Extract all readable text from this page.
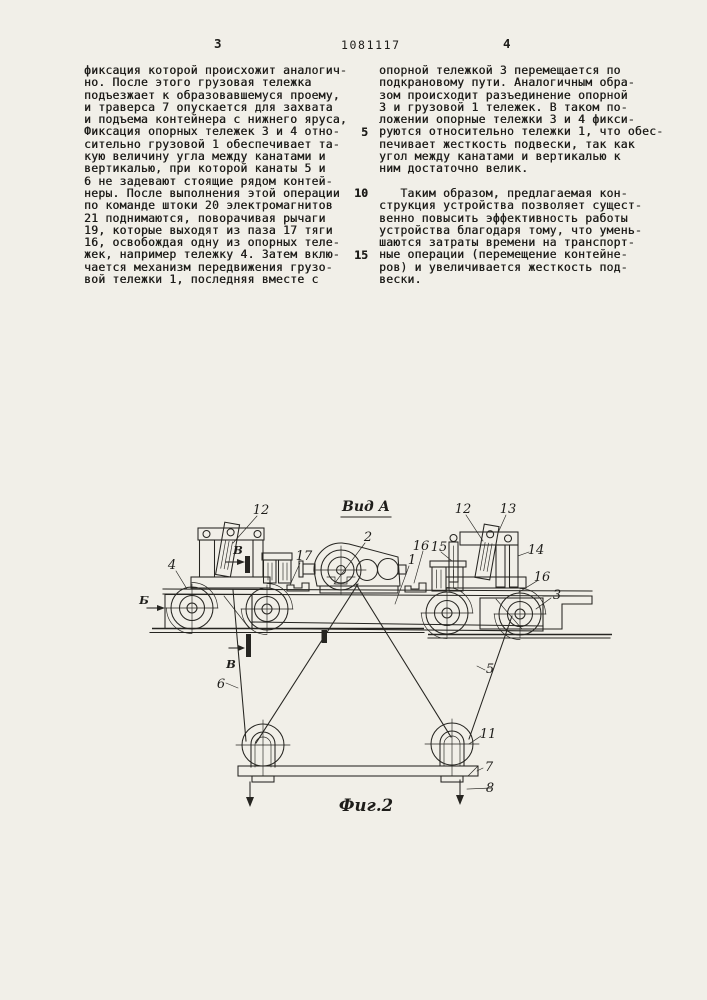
3	1081117	4
фиксация которой происхожит аналогич-
но. После этого грузовая тележка
подъезжает к образовавшемуся проему,
и траверса 7 опускается для захвата
и подъема контейнера с нижнего яруса,
Фиксация опорных тележек 3 и 4 отно-
сительно грузовой 1 обеспечивает та-
кую величину угла между канатами и
вертикалью, при которой канаты 5 и
6 не задевают стоящие рядом контей-
неры. После выполнения этой операции
по команде штоки 20 электромагнитов
21 поднимаются, поворачивая рычаги
19, которые выходят из паза 17 тяги
16, освобождая одну из опорных теле-
жек, например тележку 4. Затем вклю-
чается механизм передвижения грузо-
вой тележки 1, последняя вместе с
опорной тележкой 3 перемещается по
подкрановому пути. Аналогичным обра-
зом происходит разъединение опорной
3 и грузовой 1 тележек. В таком по-
ложении опорные тележки 3 и 4 фикси-
руются относительно тележки 1, что обес-
печивает жесткость подвески, так как
угол между канатами и вертикалью к
ним достаточно велик.

Таким образом, предлагаемая кон-
струкция устройства позволяет сущест-
венно повысить эффективность работы
устройства благодаря тому, что умень-
шаются затраты времени на транспорт-
ные операции (перемещение контейне-
ров) и увеличивается жесткость под-
вески.
5
10
15
В
Б
В
Вид А
Фиг.2
4
12
17
2
1
16 15
12 13
14
16
3
6
5
11
7
8
